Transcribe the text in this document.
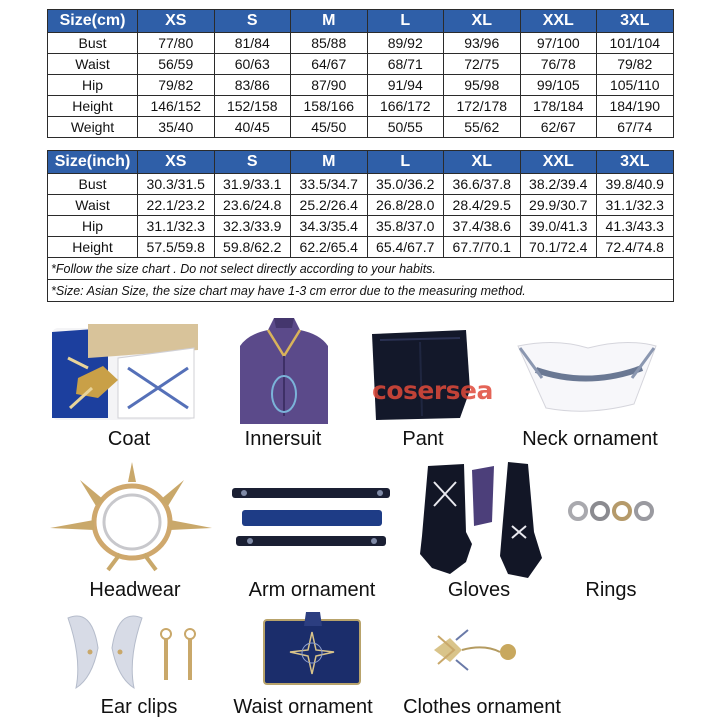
Size(cm)	XS	S	M	L	XL	XXL	3XL
Bust	77/80	81/84	85/88	89/92	93/96	97/100	101/104
Waist	56/59	60/63	64/67	68/71	72/75	76/78	79/82
Hip	79/82	83/86	87/90	91/94	95/98	99/105	105/110
Height	146/152	152/158	158/166	166/172	172/178	178/184	184/190
Weight	35/40	40/45	45/50	50/55	55/62	62/67	67/74
Size(inch)	XS	S	M	L	XL	XXL	3XL
Bust	30.3/31.5	31.9/33.1	33.5/34.7	35.0/36.2	36.6/37.8	38.2/39.4	39.8/40.9
Waist	22.1/23.2	23.6/24.8	25.2/26.4	26.8/28.0	28.4/29.5	29.9/30.7	31.1/32.3
Hip	31.1/32.3	32.3/33.9	34.3/35.4	35.8/37.0	37.4/38.6	39.0/41.3	41.3/43.3
Height	57.5/59.8	59.8/62.2	62.2/65.4	65.4/67.7	67.7/70.1	70.1/72.4	72.4/74.8
*Follow the size chart . Do not select directly according to your habits.							
*Size: Asian Size, the size chart may have 1-3 cm error due to the measuring method.							
Coat	Innersuit
cosersea
Pant	Neck ornament
Headwear	Arm ornament	Gloves	Rings
Ear clips	Waist ornament	Clothes ornament
